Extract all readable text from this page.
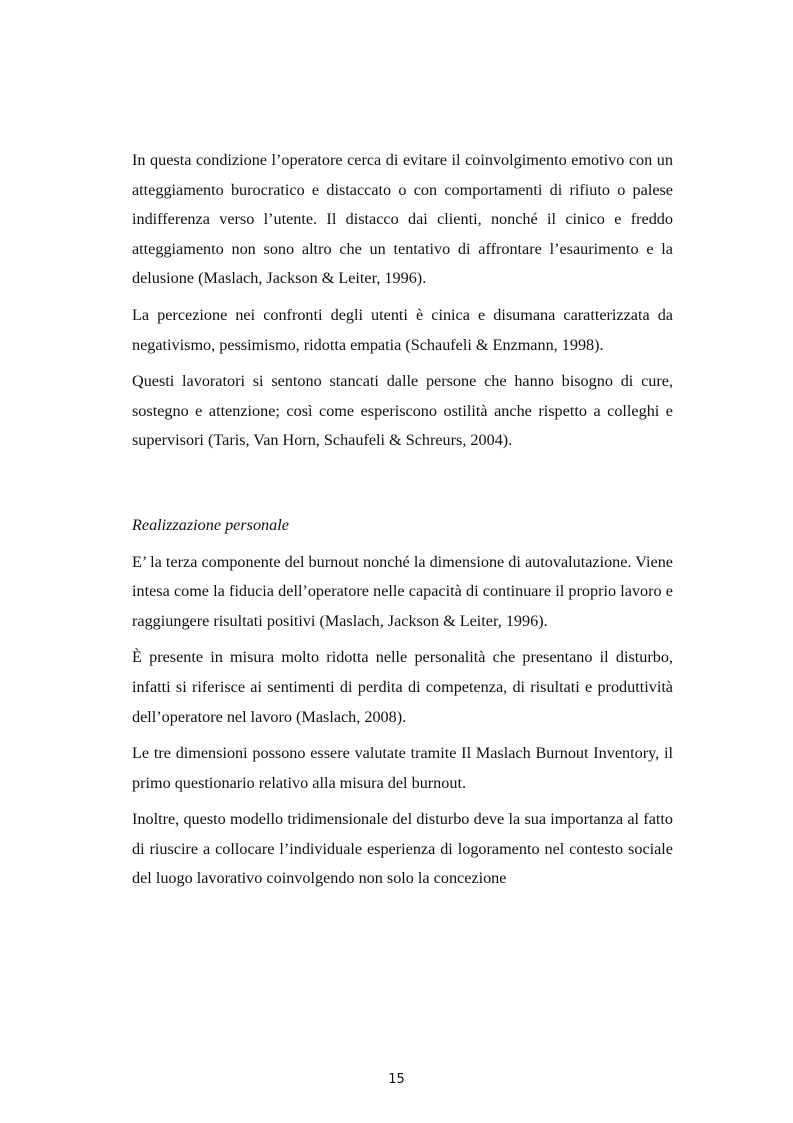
In questa condizione l’operatore cerca di evitare il coinvolgimento emotivo con un atteggiamento burocratico e distaccato o con comportamenti di rifiuto o palese indifferenza verso l’utente. Il distacco dai clienti, nonché il cinico e freddo atteggiamento non sono altro che un tentativo di affrontare l’esaurimento e la delusione (Maslach, Jackson & Leiter, 1996).

La percezione nei confronti degli utenti è cinica e disumana caratterizzata da negativismo, pessimismo, ridotta empatia (Schaufeli & Enzmann, 1998).

Questi lavoratori si sentono stancati dalle persone che hanno bisogno di cure, sostegno e attenzione; così come esperiscono ostilità anche rispetto a colleghi e supervisori (Taris, Van Horn, Schaufeli & Schreurs, 2004).

Realizzazione personale

E’ la terza componente del burnout nonché la dimensione di autovalutazione. Viene intesa come la fiducia dell’operatore nelle capacità di continuare il proprio lavoro e raggiungere risultati positivi (Maslach, Jackson & Leiter, 1996).

È presente in misura molto ridotta nelle personalità che presentano il disturbo, infatti si riferisce ai sentimenti di perdita di competenza, di risultati e produttività dell’operatore nel lavoro (Maslach, 2008).

Le tre dimensioni possono essere valutate tramite Il Maslach Burnout Inventory, il primo questionario relativo alla misura del burnout.

Inoltre, questo modello tridimensionale del disturbo deve la sua importanza al fatto di riuscire a collocare l’individuale esperienza di logoramento nel contesto sociale del luogo lavorativo coinvolgendo non solo la concezione

15
